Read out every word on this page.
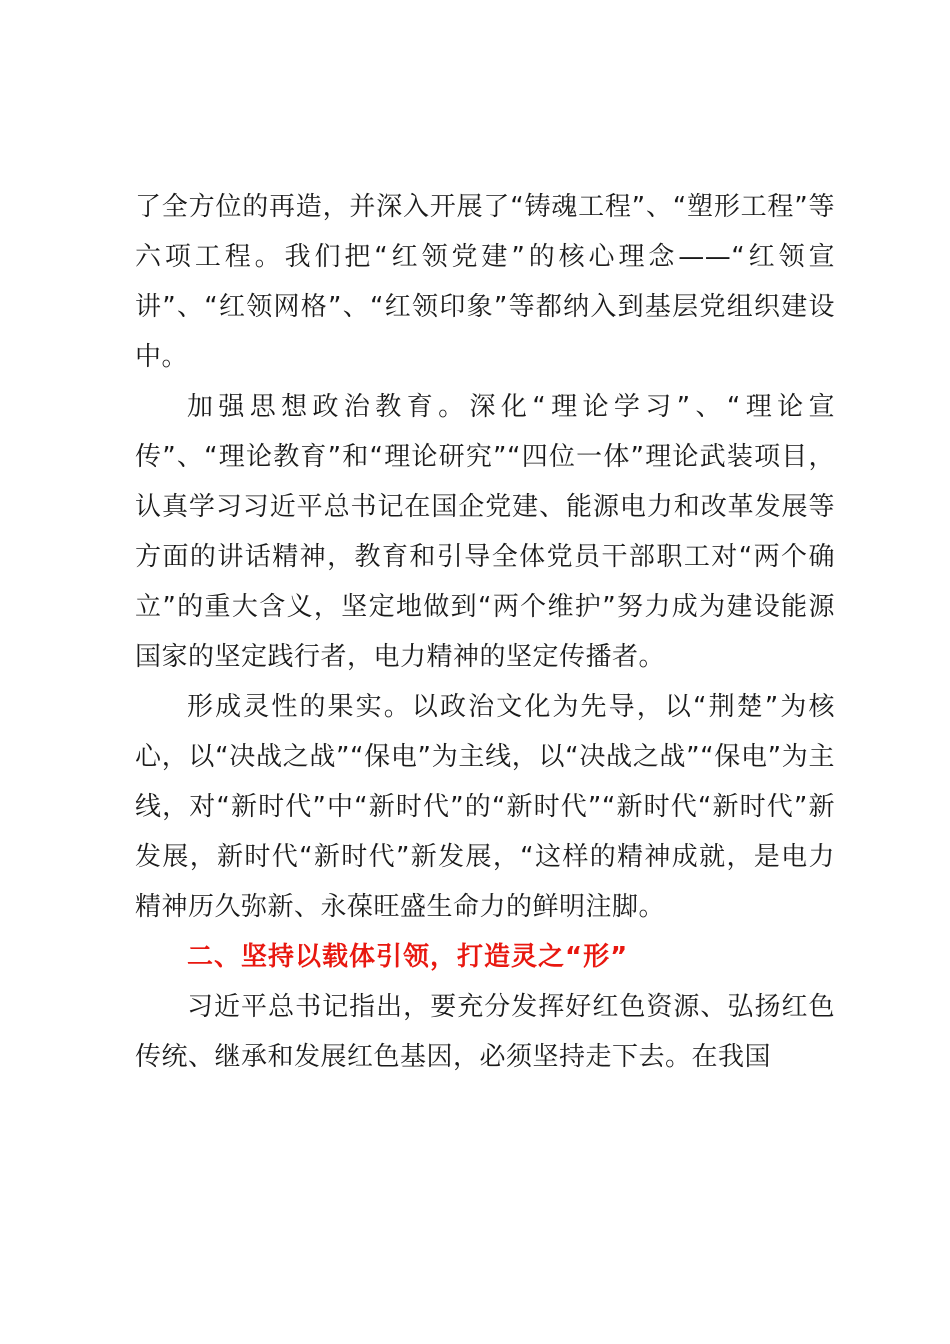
了全方位的再造，并深入开展了“铸魂工程”、“塑形工程”等六项工程。我们把“红领党建”的核心理念——“红领宣讲”、“红领网格”、“红领印象”等都纳入到基层党组织建设中。

加强思想政治教育。深化“理论学习”、“理论宣传”、“理论教育”和“理论研究”“四位一体”理论武装项目，认真学习习近平总书记在国企党建、能源电力和改革发展等方面的讲话精神，教育和引导全体党员干部职工对“两个确立”的重大含义，坚定地做到“两个维护”努力成为建设能源国家的坚定践行者，电力精神的坚定传播者。

形成灵性的果实。以政治文化为先导，以“荆楚”为核心，以“决战之战”“保电”为主线，以“决战之战”“保电”为主线，对“新时代”中“新时代”的“新时代”“新时代“新时代”新发展，新时代“新时代”新发展，“这样的精神成就，是电力精神历久弥新、永葆旺盛生命力的鲜明注脚。

二、坚持以载体引领，打造灵之“形”

习近平总书记指出，要充分发挥好红色资源、弘扬红色传统、继承和发展红色基因，必须坚持走下去。在我国
